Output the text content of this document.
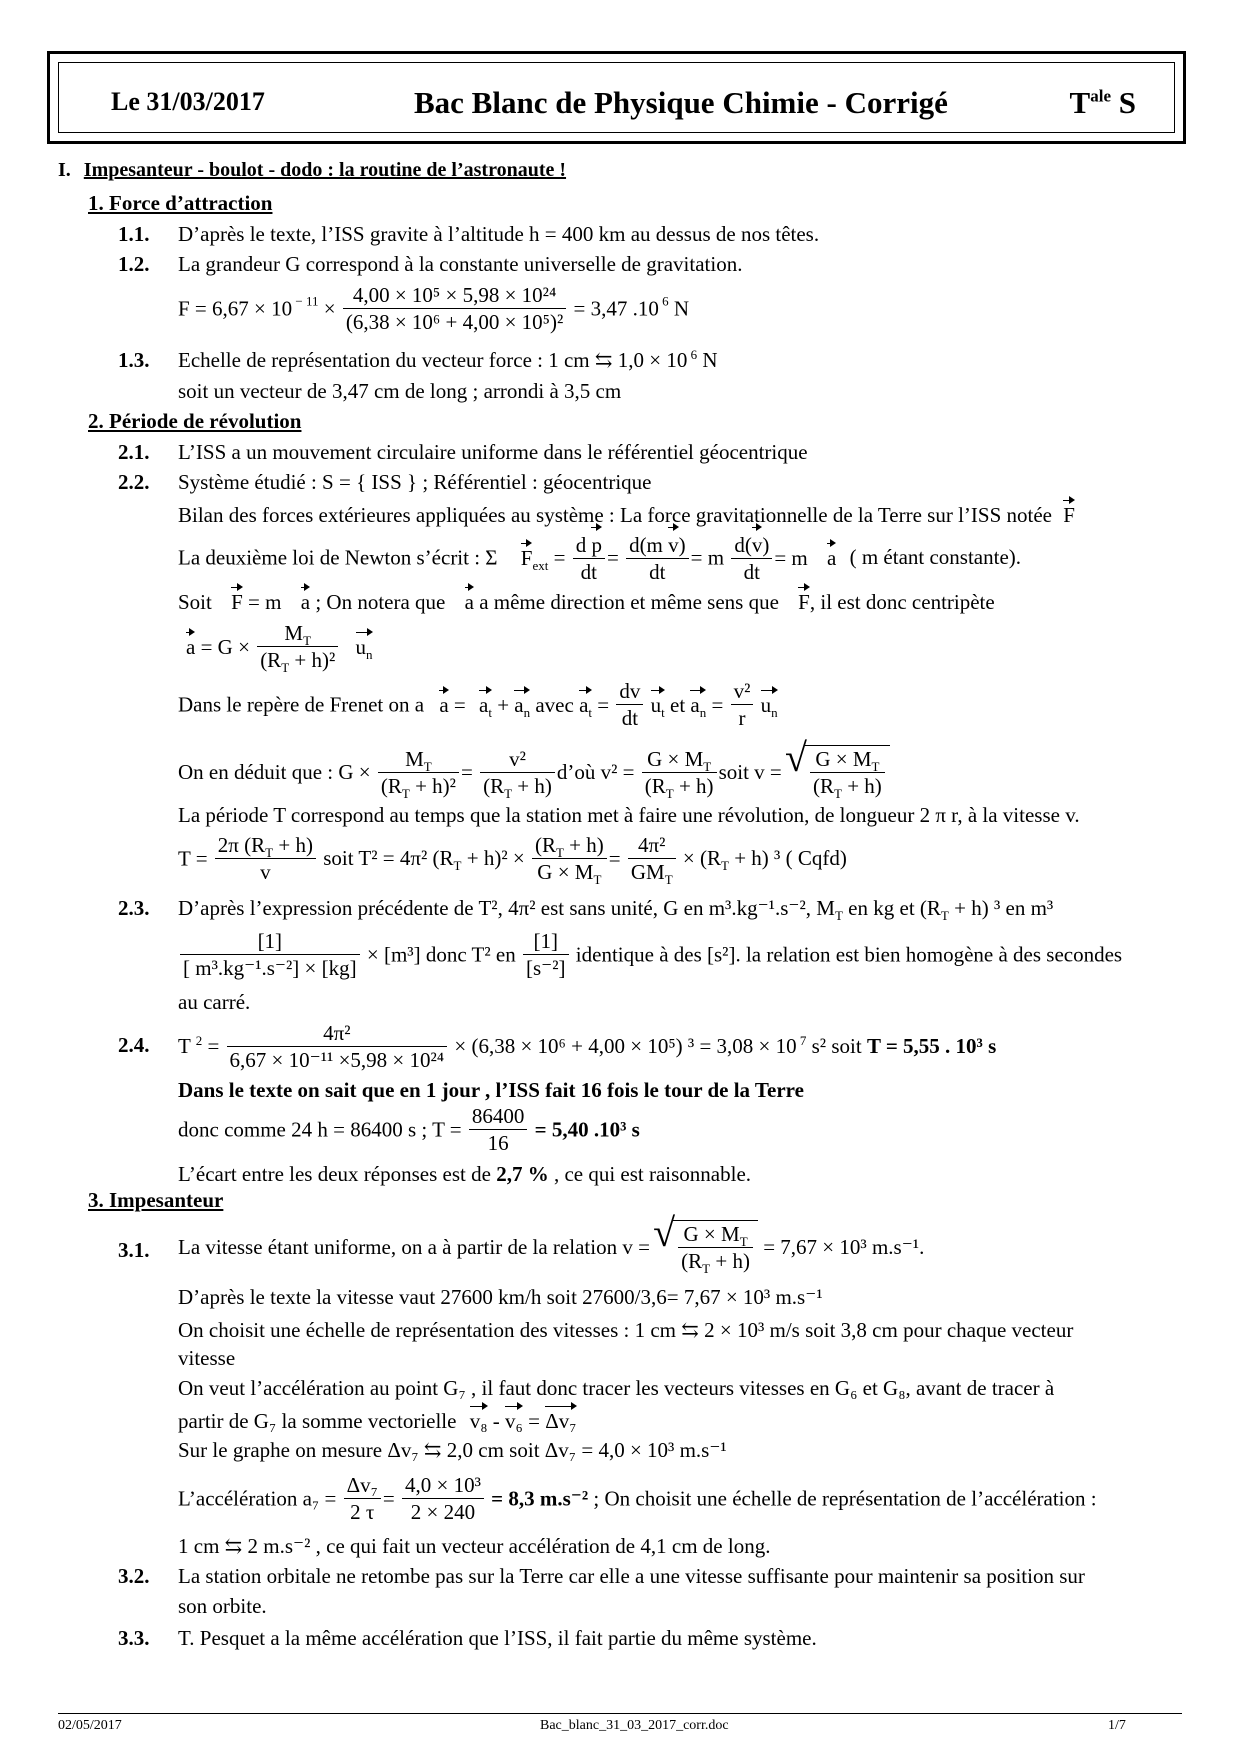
Le 31/03/2017	Bac Blanc de Physique Chimie - Corrigé	$T^{ale}$ S
I. Impesanteur - boulot - dodo : la routine de l’astronaute !
1. Force d’attraction
1.1. D’après le texte, l’ISS gravite à l’altitude h = 400 km au dessus de nos têtes.
1.2. La grandeur G correspond à la constante universelle de gravitation.
F = 6,67 × 10 $^{- 11} \times \frac{\text{4,00 × 10⁵ × 5,98 × 10²⁴}}{\text{(6,38 × 10⁶ + 4,00 × 10⁵)²}} = 3,47$ .10 $^6$ N
1.3. Echelle de représentation du vecteur force : 1 cm ⇆ 1,0 × 10 $^6$ N
soit un vecteur de 3,47 cm de long ; arrondi à 3,5 cm
2. Période de révolution
2.1. L’ISS a un mouvement circulaire uniforme dans le référentiel géocentrique
2.2. Système étudié : S = { ISS } ; Référentiel : géocentrique
Bilan des forces extérieures appliquées au système : La force gravitationnelle de la Terre sur l’ISS notée F
La deuxième loi de Newton s’écrit : Σ $F_{ext} = \frac{\text{d p}}{dt} = \frac{\text{d(m v)}}{dt} = m \frac{d(v)}{dt} = m$ a ( m étant constante).
Soit F = m a ; On notera que a a même direction et même sens que F, il est donc centripète
$a = G \times \frac{M_T}{(R_T + h)^2} u_n$
Dans le repère de Frenet on a $a = a_t + a_n$ avec $a_t = \frac{dv}{dt} u_t$ et $a_n = \frac{\text{v²}}{r} u_n$
On en déduit que : $G \times \frac{M_T}{(R_T + h)^2} = \frac{\text{v²}}{(R_T + h)}$ d’où $v^2 = \frac{G \times M_T}{(R_T + h)}$ soit v = √ $\frac{G \times M_T}{(R_T + h)}$
La période T correspond au temps que la station met à faire une révolution, de longueur 2 π r, à la vitesse v.
$T = \frac{2\pi (R_T + h)}{v}$ soit T² = 4π² $(R_T + h)^2 \times \frac{(R_T + h)}{G \times M_T} = \frac{\text{4π²}}{GM_T} \times (R_T + h)$ ³ ( Cqfd)
2.3. D’après l’expression précédente de T², 4π² est sans unité, G en m³.kg⁻¹.s⁻², $M_T$ en kg et $(R_T + h)$ ³ en m³
$\frac{[1]}{\text{[ m³.kg⁻¹.s⁻²] × [kg]}} \times [m^3]$ donc T² en $\frac{[1]}{\text{[s⁻²]}}$ identique à des [s²]. la relation est bien homogène à des secondes
au carré.
2.4. T $^2 = \frac{\text{4π²}}{\text{6,67 × 10⁻¹¹ ×5,98 × 10²⁴}} \times (6,38 \times 10^6 + 4,00 \times 10^5) ^3 = 3,08 \times 10$ $^7$ s² soit T = 5,55 . 10³ s
Dans le texte on sait que en 1 jour , l’ISS fait 16 fois le tour de la Terre
donc comme 24 h = 86400 s ; $T = \frac{86400}{16} = 5,40$ .10³ s
L’écart entre les deux réponses est de 2,7 % , ce qui est raisonnable.
3. Impesanteur
3.1. La vitesse étant uniforme, on a à partir de la relation v = √ $\frac{G \times M_T}{(R_T + h)} = 7,67 \times 10^3$ m.s⁻¹.
D’après le texte la vitesse vaut 27600 km/h soit 27600/3,6= 7,67 × 10³ m.s⁻¹
On choisit une échelle de représentation des vitesses : 1 cm ⇆ 2 × 10³ m/s soit 3,8 cm pour chaque vecteur
vitesse
On veut l’accélération au point G₇ , il faut donc tracer les vecteurs vitesses en G₆ et G₈, avant de tracer à
partir de G₇ la somme vectorielle v₈ - v₆ = Δv₇
Sur le graphe on mesure Δv₇ ⇆ 2,0 cm soit Δv₇ = 4,0 × 10³ m.s⁻¹
L’accélération $a_7 = \frac{\text{Δv₇}}{2 \tau} = \frac{\text{4,0 × 10³}}{2 \times 240} = 8,3$ m.s⁻² ; On choisit une échelle de représentation de l’accélération :
1 cm ⇆ 2 m.s⁻² , ce qui fait un vecteur accélération de 4,1 cm de long.
3.2. La station orbitale ne retombe pas sur la Terre car elle a une vitesse suffisante pour maintenir sa position sur
son orbite.
3.3. T. Pesquet a la même accélération que l’ISS, il fait partie du même système.
02/05/2017	Bac_blanc_31_03_2017_corr.doc	1/7
